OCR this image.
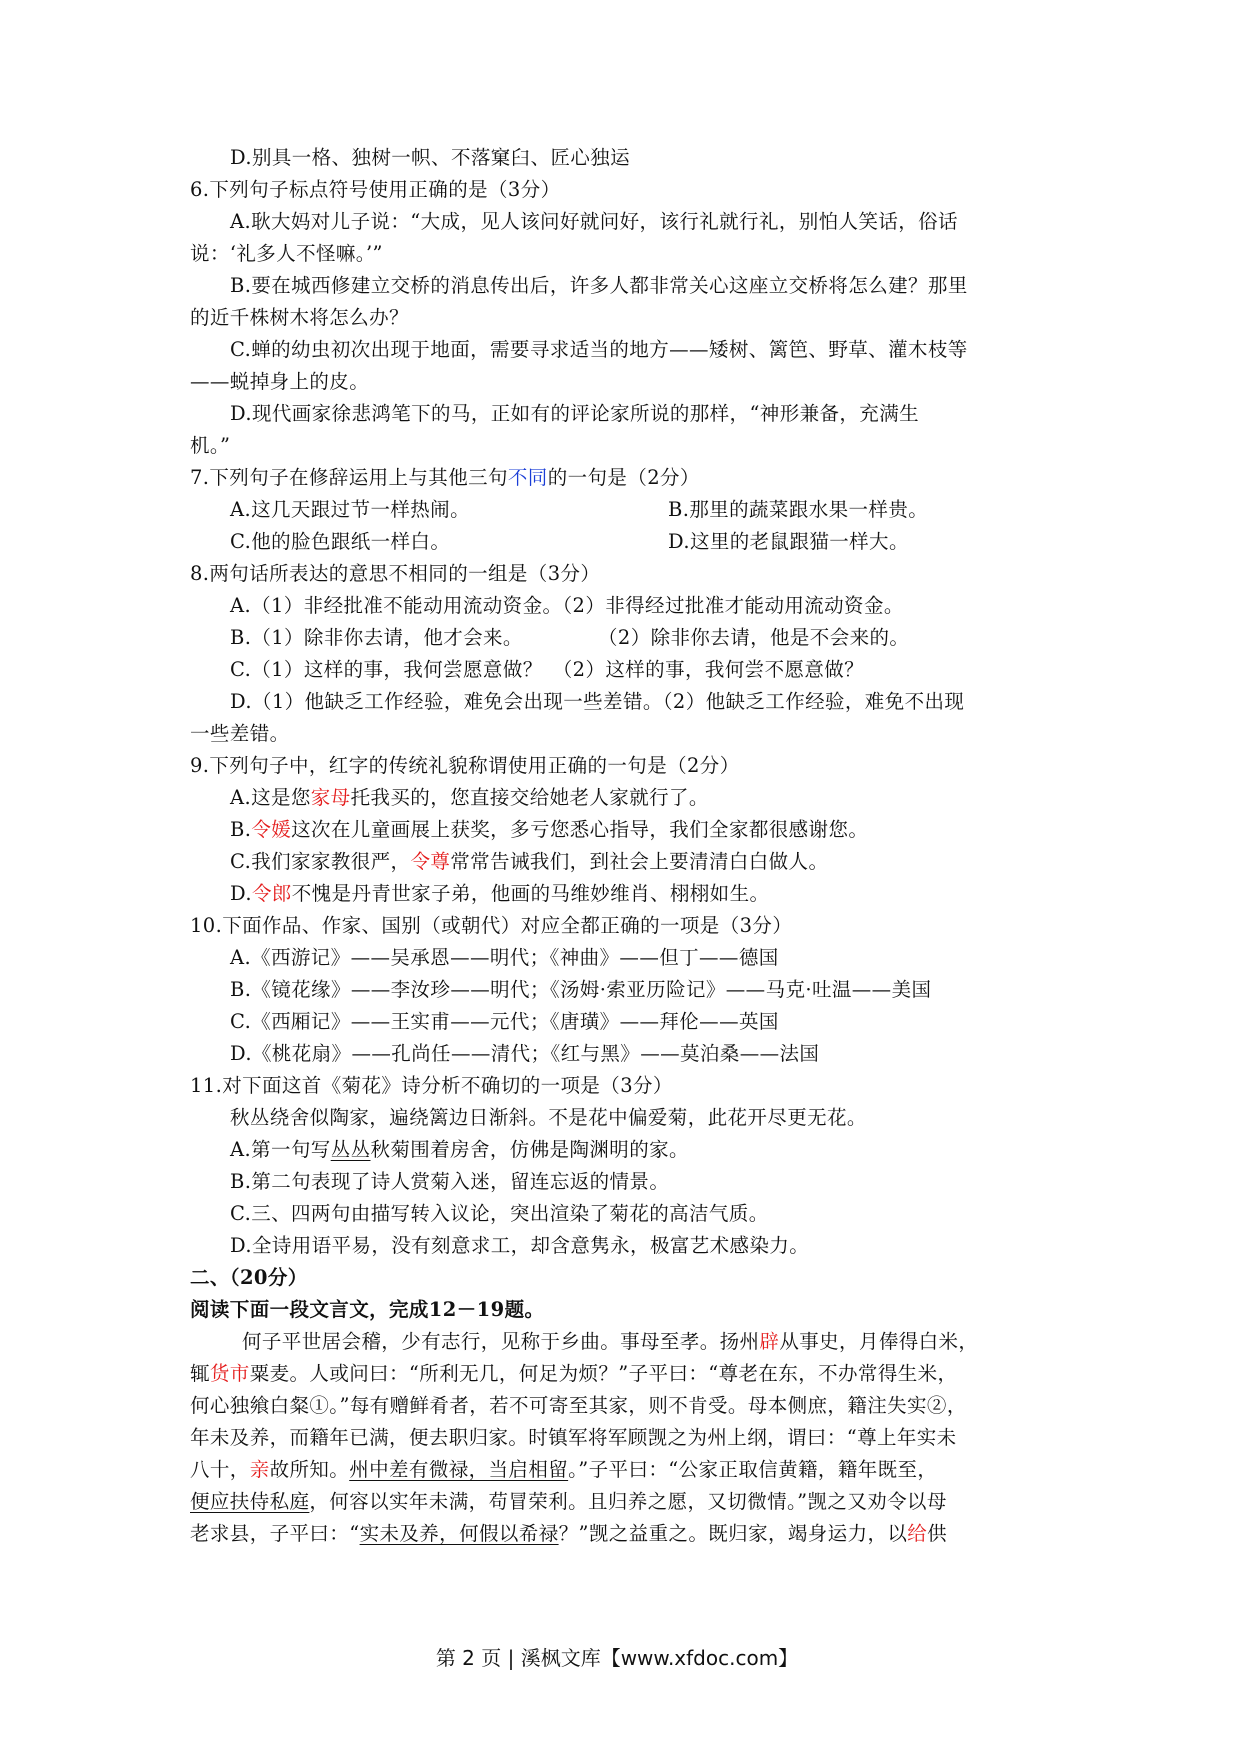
D.别具一格、独树一帜、不落窠臼、匠心独运
6.下列句子标点符号使用正确的是（3分）
A.耿大妈对儿子说：“大成，见人该问好就问好，该行礼就行礼，别怕人笑话，俗话
说：‘礼多人不怪嘛。’”
B.要在城西修建立交桥的消息传出后，许多人都非常关心这座立交桥将怎么建？那里
的近千株树木将怎么办？
C.蝉的幼虫初次出现于地面，需要寻求适当的地方——矮树、篱笆、野草、灌木枝等
——蜕掉身上的皮。
D.现代画家徐悲鸿笔下的马，正如有的评论家所说的那样，“神形兼备，充满生
机。”
7.下列句子在修辞运用上与其他三句不同的一句是（2分）
A.这几天跟过节一样热闹。	B.那里的蔬菜跟水果一样贵。
C.他的脸色跟纸一样白。	D.这里的老鼠跟猫一样大。
8.两句话所表达的意思不相同的一组是（3分）
A.（1）非经批准不能动用流动资金。（2）非得经过批准才能动用流动资金。
B.（1）除非你去请，他才会来。	（2）除非你去请，他是不会来的。
C.（1）这样的事，我何尝愿意做？　（2）这样的事，我何尝不愿意做？
D.（1）他缺乏工作经验，难免会出现一些差错。（2）他缺乏工作经验，难免不出现
一些差错。
9.下列句子中，红字的传统礼貌称谓使用正确的一句是（2分）
A.这是您家母托我买的，您直接交给她老人家就行了。
B.令媛这次在儿童画展上获奖，多亏您悉心指导，我们全家都很感谢您。
C.我们家家教很严，令尊常常告诫我们，到社会上要清清白白做人。
D.令郎不愧是丹青世家子弟，他画的马维妙维肖、栩栩如生。
10.下面作品、作家、国别（或朝代）对应全都正确的一项是（3分）
A.《西游记》——吴承恩——明代；《神曲》——但丁——德国
B.《镜花缘》——李汝珍——明代；《汤姆·索亚历险记》——马克·吐温——美国
C.《西厢记》——王实甫——元代；《唐璜》——拜伦——英国
D.《桃花扇》——孔尚任——清代；《红与黑》——莫泊桑——法国
11.对下面这首《菊花》诗分析不确切的一项是（3分）
秋丛绕舍似陶家，遍绕篱边日渐斜。不是花中偏爱菊，此花开尽更无花。
A.第一句写丛丛秋菊围着房舍，仿佛是陶渊明的家。
B.第二句表现了诗人赏菊入迷，留连忘返的情景。
C.三、四两句由描写转入议论，突出渲染了菊花的高洁气质。
D.全诗用语平易，没有刻意求工，却含意隽永，极富艺术感染力。
二、（20分）
阅读下面一段文言文，完成12－19题。
何子平世居会稽，少有志行，见称于乡曲。事母至孝。扬州辟从事史，月俸得白米，
辄货市粟麦。人或问曰：“所利无几，何足为烦？”子平曰：“尊老在东，不办常得生米，
何心独飨白粲①。”每有赠鲜肴者，若不可寄至其家，则不肯受。母本侧庶，籍注失实②，
年未及养，而籍年已满，便去职归家。时镇军将军顾觊之为州上纲，谓曰：“尊上年实未
八十，亲故所知。州中差有微禄，当启相留。”子平曰：“公家正取信黄籍，籍年既至，
便应扶侍私庭，何容以实年未满，苟冒荣利。且归养之愿，又切微情。”觊之又劝令以母
老求县，子平曰：“实未及养，何假以希禄？”觊之益重之。既归家，竭身运力，以给供
第 2 页 | 溪枫文库【www.xfdoc.com】
